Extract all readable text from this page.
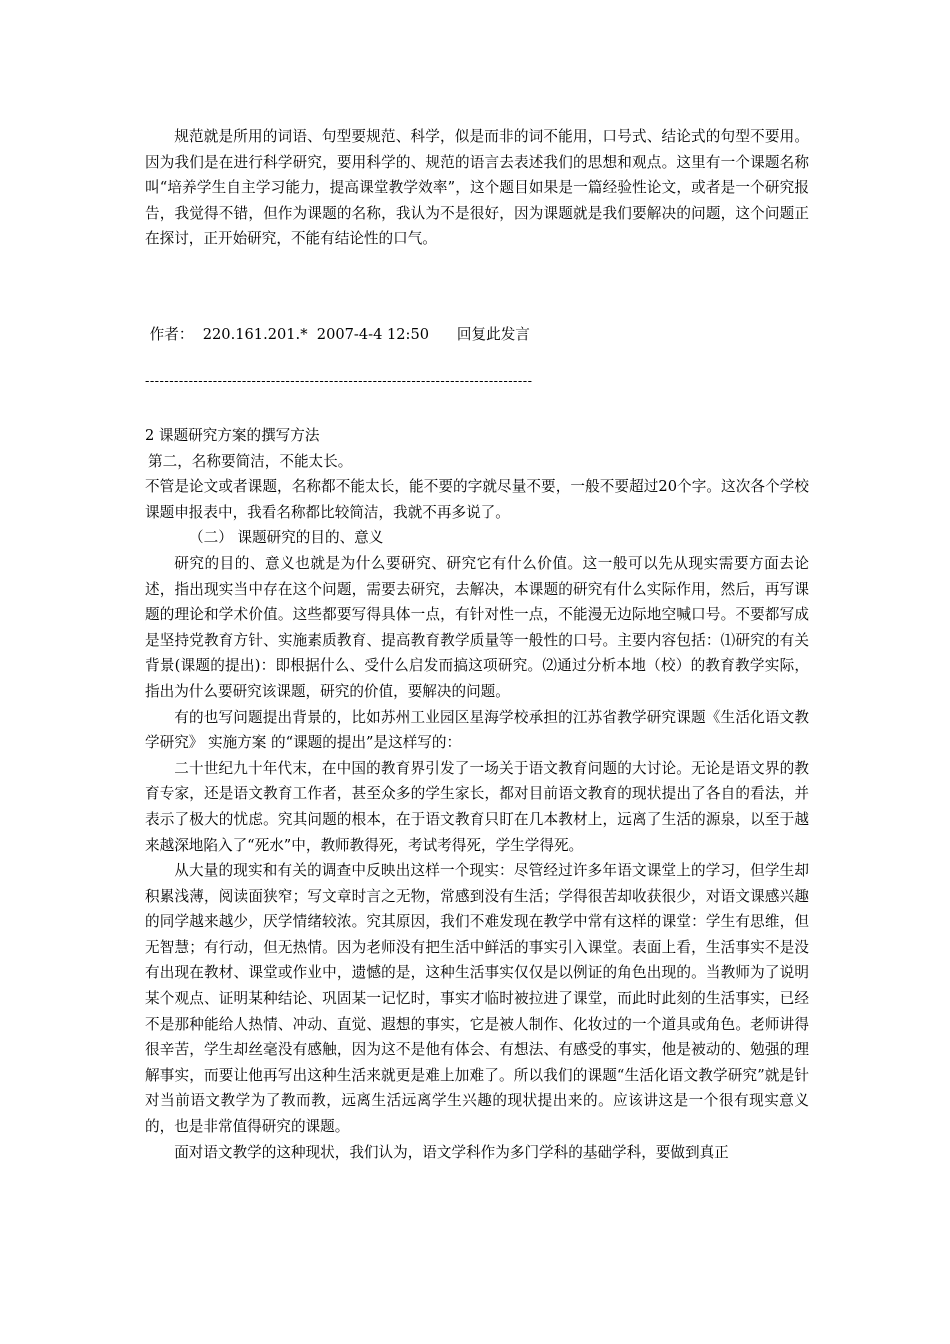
规范就是所用的词语、句型要规范、科学，似是而非的词不能用，口号式、结论式的句型不要用。因为我们是在进行科学研究，要用科学的、规范的语言去表述我们的思想和观点。这里有一个课题名称叫“培养学生自主学习能力，提高课堂教学效率”，这个题目如果是一篇经验性论文，或者是一个研究报告，我觉得不错，但作为课题的名称，我认为不是很好，因为课题就是我们要解决的问题，这个问题正在探讨，正开始研究，不能有结论性的口气。

作者： 220.161.201.* 2007-4-4 12:50 回复此发言
--------------------------------------------------------------------------------

2 课题研究方案的撰写方法

第二，名称要简洁，不能太长。

不管是论文或者课题，名称都不能太长，能不要的字就尽量不要，一般不要超过20个字。这次各个学校课题申报表中，我看名称都比较简洁，我就不再多说了。

（二） 课题研究的目的、意义

研究的目的、意义也就是为什么要研究、研究它有什么价值。这一般可以先从现实需要方面去论述，指出现实当中存在这个问题，需要去研究，去解决，本课题的研究有什么实际作用，然后，再写课题的理论和学术价值。这些都要写得具体一点，有针对性一点，不能漫无边际地空喊口号。不要都写成是坚持党教育方针、实施素质教育、提高教育教学质量等一般性的口号。主要内容包括：⑴研究的有关背景(课题的提出)：即根据什么、受什么启发而搞这项研究。⑵通过分析本地（校）的教育教学实际，指出为什么要研究该课题，研究的价值，要解决的问题。

有的也写问题提出背景的，比如苏州工业园区星海学校承担的江苏省教学研究课题《生活化语文教学研究》 实施方案 的“课题的提出”是这样写的：

二十世纪九十年代末，在中国的教育界引发了一场关于语文教育问题的大讨论。无论是语文界的教育专家，还是语文教育工作者，甚至众多的学生家长，都对目前语文教育的现状提出了各自的看法，并表示了极大的忧虑。究其问题的根本，在于语文教育只盯在几本教材上，远离了生活的源泉，以至于越来越深地陷入了“死水”中，教师教得死，考试考得死，学生学得死。

从大量的现实和有关的调查中反映出这样一个现实：尽管经过许多年语文课堂上的学习，但学生却积累浅薄，阅读面狭窄；写文章时言之无物，常感到没有生活；学得很苦却收获很少，对语文课感兴趣的同学越来越少，厌学情绪较浓。究其原因，我们不难发现在教学中常有这样的课堂：学生有思维，但无智慧；有行动，但无热情。因为老师没有把生活中鲜活的事实引入课堂。表面上看，生活事实不是没有出现在教材、课堂或作业中，遗憾的是，这种生活事实仅仅是以例证的角色出现的。当教师为了说明某个观点、证明某种结论、巩固某一记忆时，事实才临时被拉进了课堂，而此时此刻的生活事实，已经不是那种能给人热情、冲动、直觉、遐想的事实，它是被人制作、化妆过的一个道具或角色。老师讲得很辛苦，学生却丝毫没有感触，因为这不是他有体会、有想法、有感受的事实，他是被动的、勉强的理解事实，而要让他再写出这种生活来就更是难上加难了。所以我们的课题“生活化语文教学研究”就是针对当前语文教学为了教而教，远离生活远离学生兴趣的现状提出来的。应该讲这是一个很有现实意义的，也是非常值得研究的课题。

面对语文教学的这种现状，我们认为，语文学科作为多门学科的基础学科，要做到真正
